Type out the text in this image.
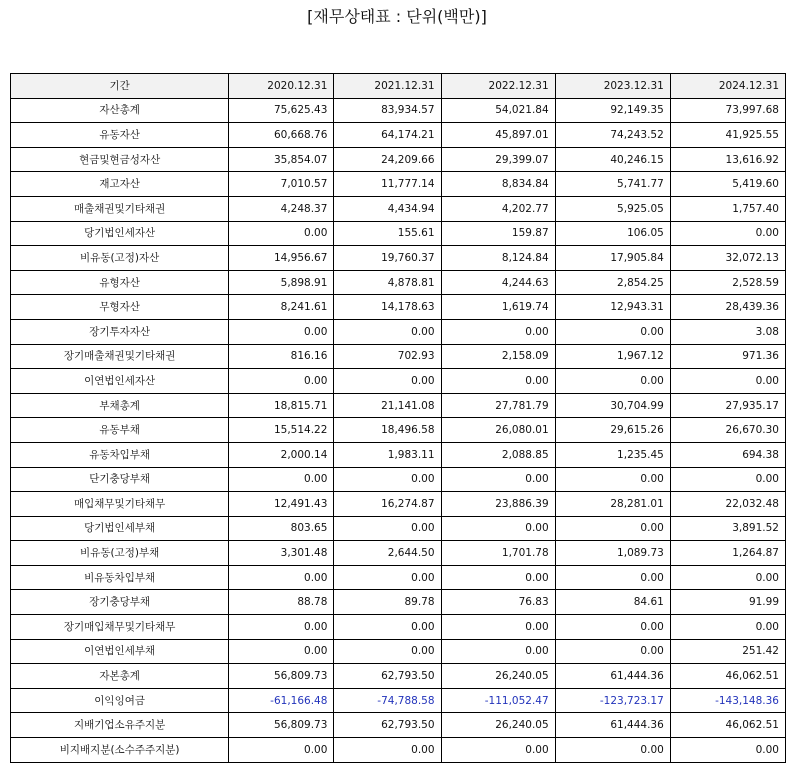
[재무상태표 : 단위(백만)]
기간	2020.12.31	2021.12.31	2022.12.31	2023.12.31	2024.12.31
자산총계	75,625.43	83,934.57	54,021.84	92,149.35	73,997.68
유동자산	60,668.76	64,174.21	45,897.01	74,243.52	41,925.55
현금및현금성자산	35,854.07	24,209.66	29,399.07	40,246.15	13,616.92
재고자산	7,010.57	11,777.14	8,834.84	5,741.77	5,419.60
매출채권및기타채권	4,248.37	4,434.94	4,202.77	5,925.05	1,757.40
당기법인세자산	0.00	155.61	159.87	106.05	0.00
비유동(고정)자산	14,956.67	19,760.37	8,124.84	17,905.84	32,072.13
유형자산	5,898.91	4,878.81	4,244.63	2,854.25	2,528.59
무형자산	8,241.61	14,178.63	1,619.74	12,943.31	28,439.36
장기투자자산	0.00	0.00	0.00	0.00	3.08
장기매출채권및기타채권	816.16	702.93	2,158.09	1,967.12	971.36
이연법인세자산	0.00	0.00	0.00	0.00	0.00
부채총계	18,815.71	21,141.08	27,781.79	30,704.99	27,935.17
유동부채	15,514.22	18,496.58	26,080.01	29,615.26	26,670.30
유동차입부채	2,000.14	1,983.11	2,088.85	1,235.45	694.38
단기충당부채	0.00	0.00	0.00	0.00	0.00
매입채무및기타채무	12,491.43	16,274.87	23,886.39	28,281.01	22,032.48
당기법인세부채	803.65	0.00	0.00	0.00	3,891.52
비유동(고정)부채	3,301.48	2,644.50	1,701.78	1,089.73	1,264.87
비유동차입부채	0.00	0.00	0.00	0.00	0.00
장기충당부채	88.78	89.78	76.83	84.61	91.99
장기매입채무및기타채무	0.00	0.00	0.00	0.00	0.00
이연법인세부채	0.00	0.00	0.00	0.00	251.42
자본총계	56,809.73	62,793.50	26,240.05	61,444.36	46,062.51
이익잉여금	-61,166.48	-74,788.58	-111,052.47	-123,723.17	-143,148.36
지배기업소유주지분	56,809.73	62,793.50	26,240.05	61,444.36	46,062.51
비지배지분(소수주주지분)	0.00	0.00	0.00	0.00	0.00
